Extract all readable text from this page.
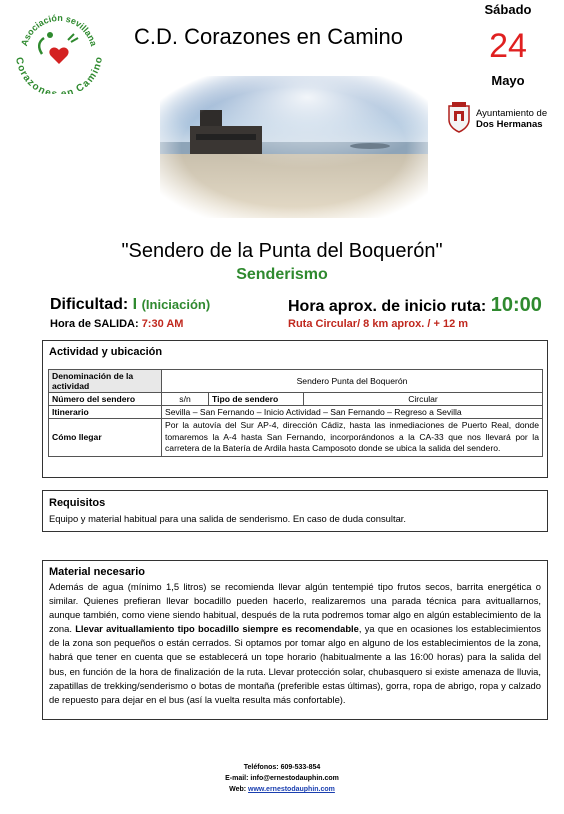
Asociación sevillana
orazone n Cami
C.D. Corazones en Camino
Sábado
24
Mayo
Ayuntamiento de
Dos Hermanas
"Sendero de la Punta del Boquerón"
Senderismo
Dificultad: I (Iniciación)
Hora de SALIDA: 7:30 AM
Hora aprox. de inicio ruta: 10:00
Ruta Circular/ 8 km aprox. / + 12 m
Actividad y ubicación
Denominación de la actividad	Sendero Punta del Boquerón		
Número del sendero	s/n	Tipo de sendero	Circular
Itinerario	Sevilla – San Fernando – Inicio Actividad – San Fernando – Regreso a Sevilla		
Cómo llegar	Por la autovía del Sur AP-4, dirección Cádiz, hasta las inmediaciones de Puerto Real, donde tomaremos la A-4 hasta San Fernando, incorporándonos a la CA-33 que nos llevará por la carretera de la Batería de Ardila hasta Camposoto donde se ubica la salida del sendero.		
Requisitos
Equipo y material habitual para una salida de senderismo. En caso de duda consultar.
Material necesario
Además de agua (mínimo 1,5 litros) se recomienda llevar algún tentempié tipo frutos secos, barrita energética o similar. Quienes prefieran llevar bocadillo pueden hacerlo, realizaremos una parada técnica para avituallarnos, aunque también, como viene siendo habitual, después de la ruta podremos tomar algo en algún establecimiento de la zona. Llevar avituallamiento tipo bocadillo siempre es recomendable, ya que en ocasiones los establecimientos de la zona son pequeños o están cerrados. Si optamos por tomar algo en alguno de los establecimientos de la zona, habrá que tener en cuenta que se establecerá un tope horario (habitualmente a las 16:00 horas) para la salida del bus, en función de la hora de finalización de la ruta. Llevar protección solar, chubasquero si existe amenaza de lluvia, zapatillas de trekking/senderismo o botas de montaña (preferible estas últimas), gorra, ropa de abrigo, ropa y calzado de repuesto para dejar en el bus (así la vuelta resulta más confortable).
Teléfonos: 609-533-854
E-mail: info@ernestodauphin.com
Web: www.ernestodauphin.com
